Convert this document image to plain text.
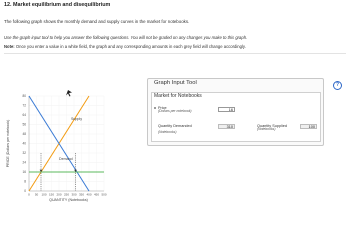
12. Market equilibrium and disequilibrium
The following graph shows the monthly demand and supply curves in the market for notebooks.
Use the graph input tool to help you answer the following questions. You will not be graded on any changes you make to this graph.
Note: Once you enter a value in a white field, the graph and any corresponding amounts in each grey field will change accordingly.
QUANTITY (Notebooks)
PRICE (Dollars per notebook)
0
8
16
24
32
40
48
56
64
72
80
0 50 100 150 200 250 300 350 400 450 500
Supply
Demand
Graph Input Tool	?
Market for Notebooks
Price
(Dollars per notebook)	16
Quantity Demanded
(Notebooks)
310	Quantity Supplied
(Notebooks)	100
